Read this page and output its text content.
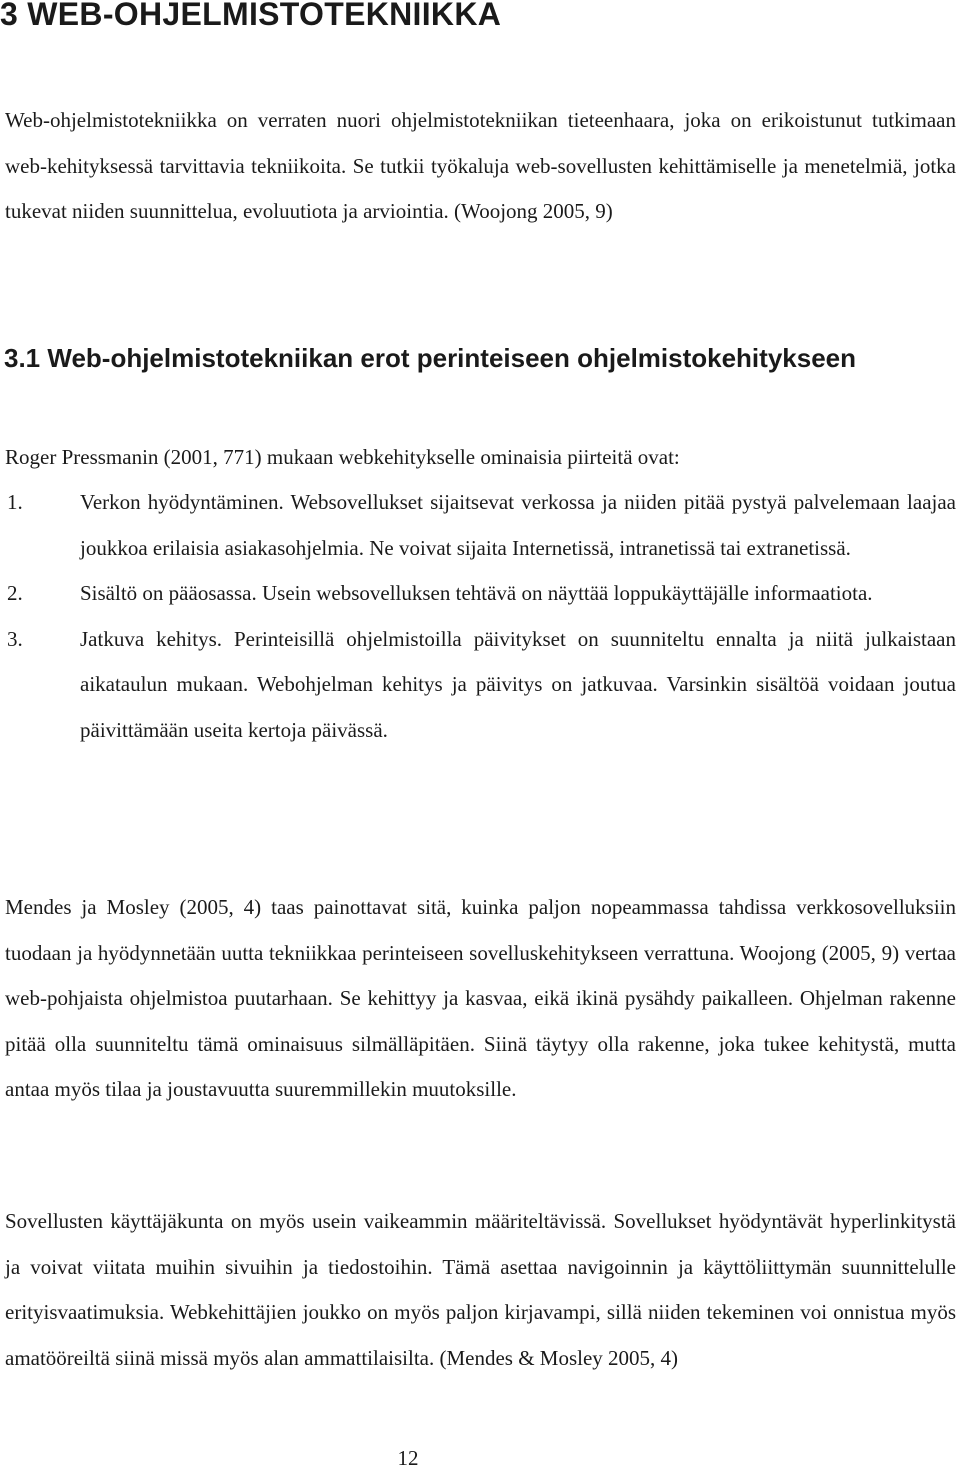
3 WEB-OHJELMISTOTEKNIIKKA

Web-ohjelmistotekniikka on verraten nuori ohjelmistotekniikan tieteenhaara, joka on erikoistunut tutkimaan web-kehityksessä tarvittavia tekniikoita. Se tutkii työkaluja web-sovellusten kehittämiselle ja menetelmiä, jotka tukevat niiden suunnittelua, evoluutiota ja arviointia. (Woojong 2005, 9)

3.1 Web-ohjelmistotekniikan erot perinteiseen ohjelmistokehitykseen

Roger Pressmanin (2001, 771) mukaan webkehitykselle ominaisia piirteitä ovat:

1.	Verkon hyödyntäminen. Websovellukset sijaitsevat verkossa ja niiden pitää pystyä palvelemaan laajaa joukkoa erilaisia asiakasohjelmia. Ne voivat sijaita Internetissä, intranetissä tai extranetissä.
2.	Sisältö on pääosassa. Usein websovelluksen tehtävä on näyttää loppukäyttäjälle informaatiota.
3.	Jatkuva kehitys. Perinteisillä ohjelmistoilla päivitykset on suunniteltu ennalta ja niitä julkaistaan aikataulun mukaan. Webohjelman kehitys ja päivitys on jatkuvaa. Varsinkin sisältöä voidaan joutua päivittämään useita kertoja päivässä.

Mendes ja Mosley (2005, 4) taas painottavat sitä, kuinka paljon nopeammassa tahdissa verkkosovelluksiin tuodaan ja hyödynnetään uutta tekniikkaa perinteiseen sovelluskehitykseen verrattuna. Woojong (2005, 9) vertaa web-pohjaista ohjelmistoa puutarhaan. Se kehittyy ja kasvaa, eikä ikinä pysähdy paikalleen. Ohjelman rakenne pitää olla suunniteltu tämä ominaisuus silmälläpitäen. Siinä täytyy olla rakenne, joka tukee kehitystä, mutta antaa myös tilaa ja joustavuutta suuremmillekin muutoksille.

Sovellusten käyttäjäkunta on myös usein vaikeammin määriteltävissä. Sovellukset hyödyntävät hyperlinkitystä ja voivat viitata muihin sivuihin ja tiedostoihin. Tämä asettaa navigoinnin ja käyttöliittymän suunnittelulle erityisvaatimuksia. Webkehittäjien joukko on myös paljon kirjavampi, sillä niiden tekeminen voi onnistua myös amatööreiltä siinä missä myös alan ammattilaisilta. (Mendes & Mosley 2005, 4)

12
